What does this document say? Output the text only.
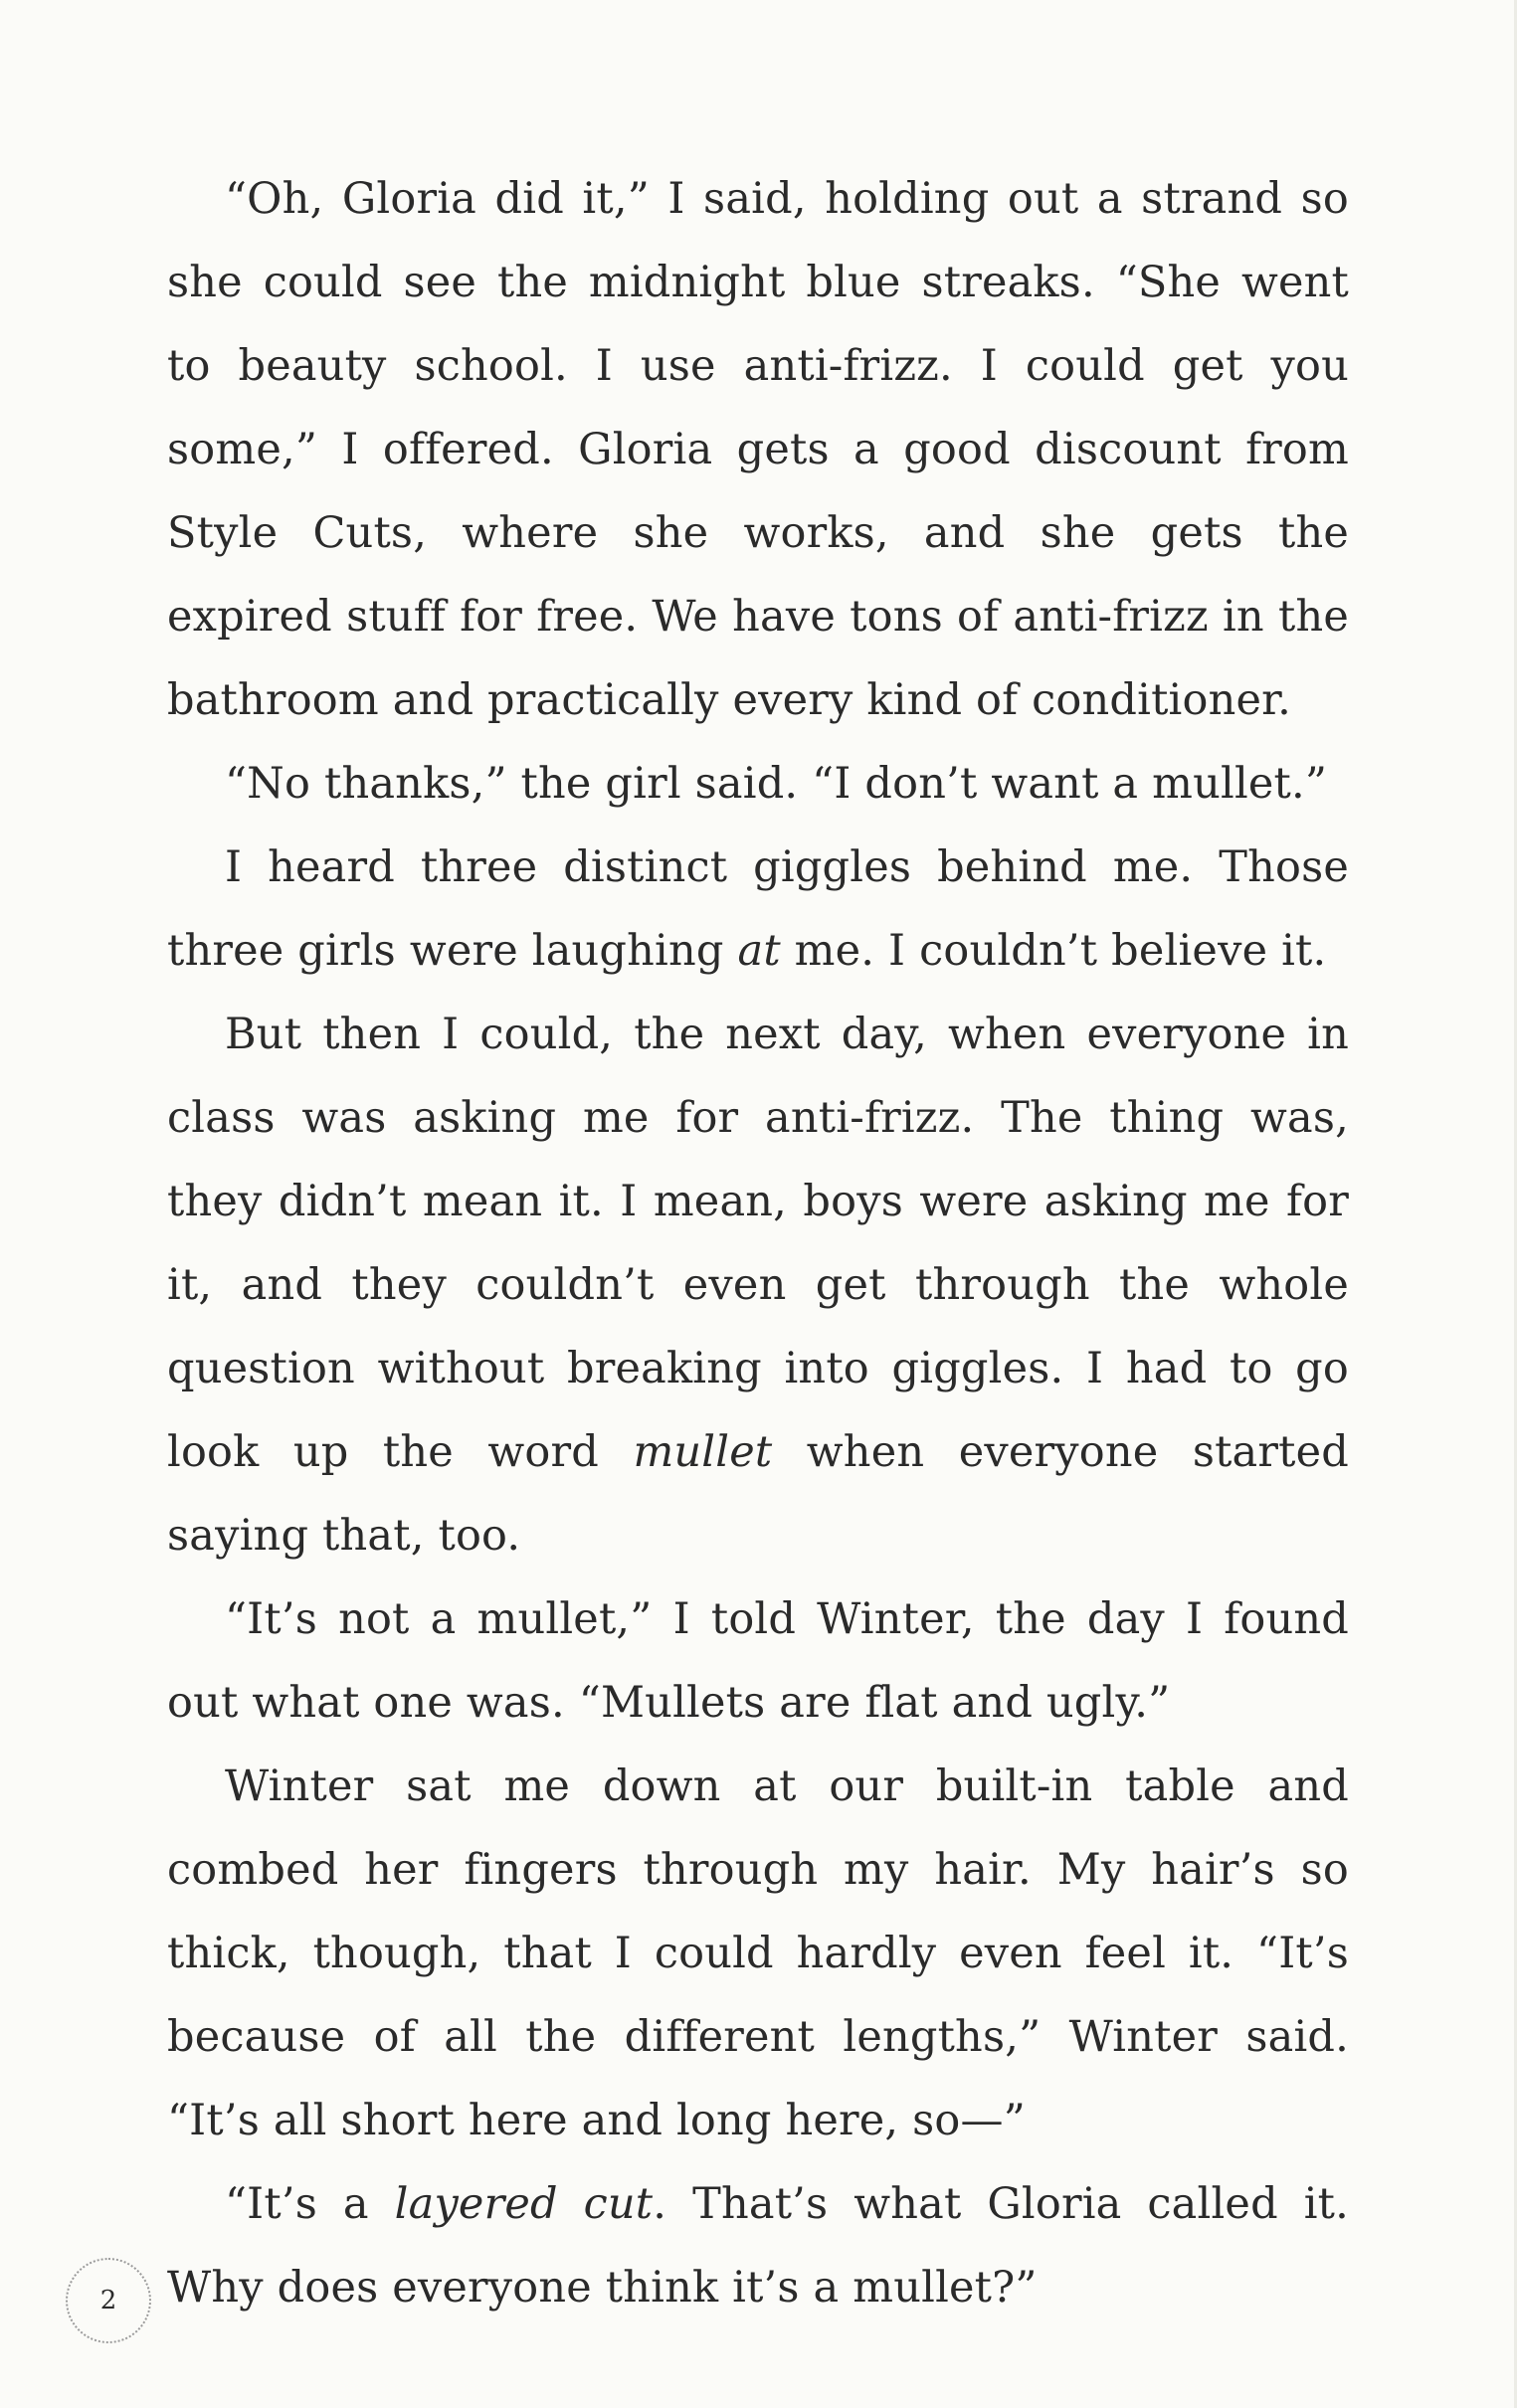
“Oh, Gloria did it,” I said, holding out a strand so she could see the midnight blue streaks. “She went to beauty school. I use anti-frizz. I could get you some,” I offered. Gloria gets a good discount from Style Cuts, where she works, and she gets the expired stuff for free. We have tons of anti-frizz in the bathroom and practically every kind of conditioner.

“No thanks,” the girl said. “I don’t want a mullet.”

I heard three distinct giggles behind me. Those three girls were laughing at me. I couldn’t believe it.

But then I could, the next day, when everyone in class was asking me for anti-frizz. The thing was, they didn’t mean it. I mean, boys were asking me for it, and they couldn’t even get through the whole question without breaking into giggles. I had to go look up the word mullet when everyone started saying that, too.

“It’s not a mullet,” I told Winter, the day I found out what one was. “Mullets are flat and ugly.”

Winter sat me down at our built-in table and combed her fingers through my hair. My hair’s so thick, though, that I could hardly even feel it. “It’s because of all the different lengths,” Winter said. “It’s all short here and long here, so—”

“It’s a layered cut. That’s what Gloria called it. Why does everyone think it’s a mullet?”

2
